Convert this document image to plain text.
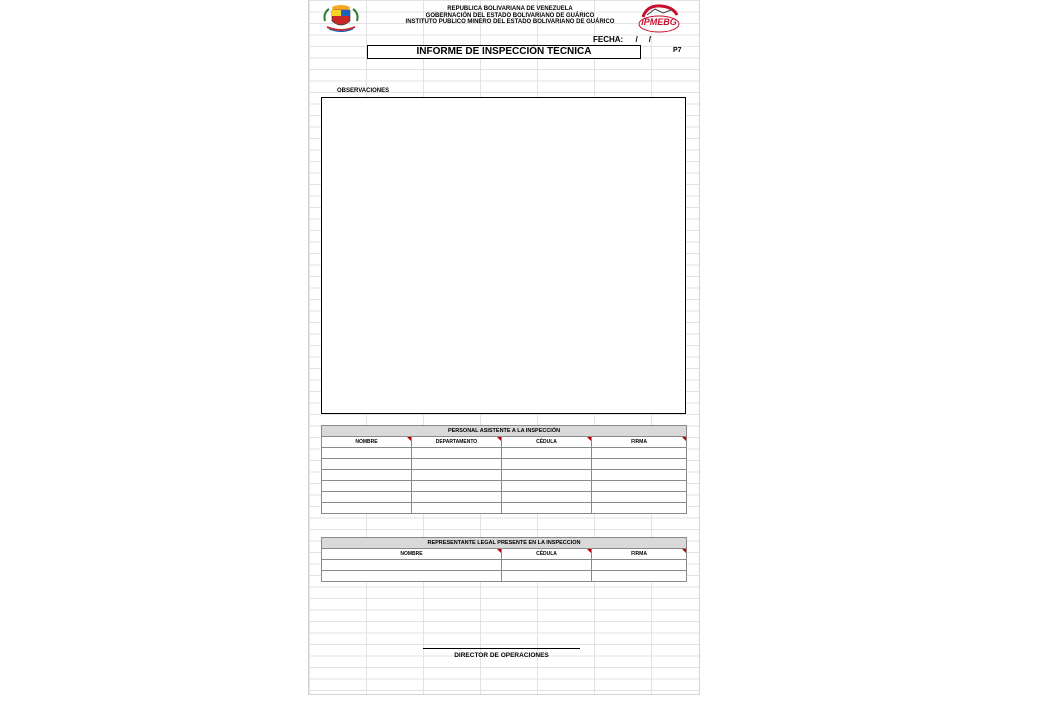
REPUBLICA BOLIVARIANA DE VENEZUELA
GOBERNACIÓN DEL ESTADO BOLIVARIANO DE GUÁRICO
INSTITUTO PUBLICO MINERO DEL ESTADO BOLIVARIANO DE GUÁRICO	IPMEBG
FECHA: /     /
INFORME DE INSPECCIÓN TÉCNICA	P7
OBSERVACIONES
PERSONAL ASISTENTE A LA INSPECCIÓN			
NOMBRE	DEPARTAMENTO	CÉDULA	FIRMA

REPRESENTANTE LEGAL PRESENTE EN LA INSPECCION		
NOMBRE	CÉDULA	FIRMA

DIRECTOR DE OPERACIONES
